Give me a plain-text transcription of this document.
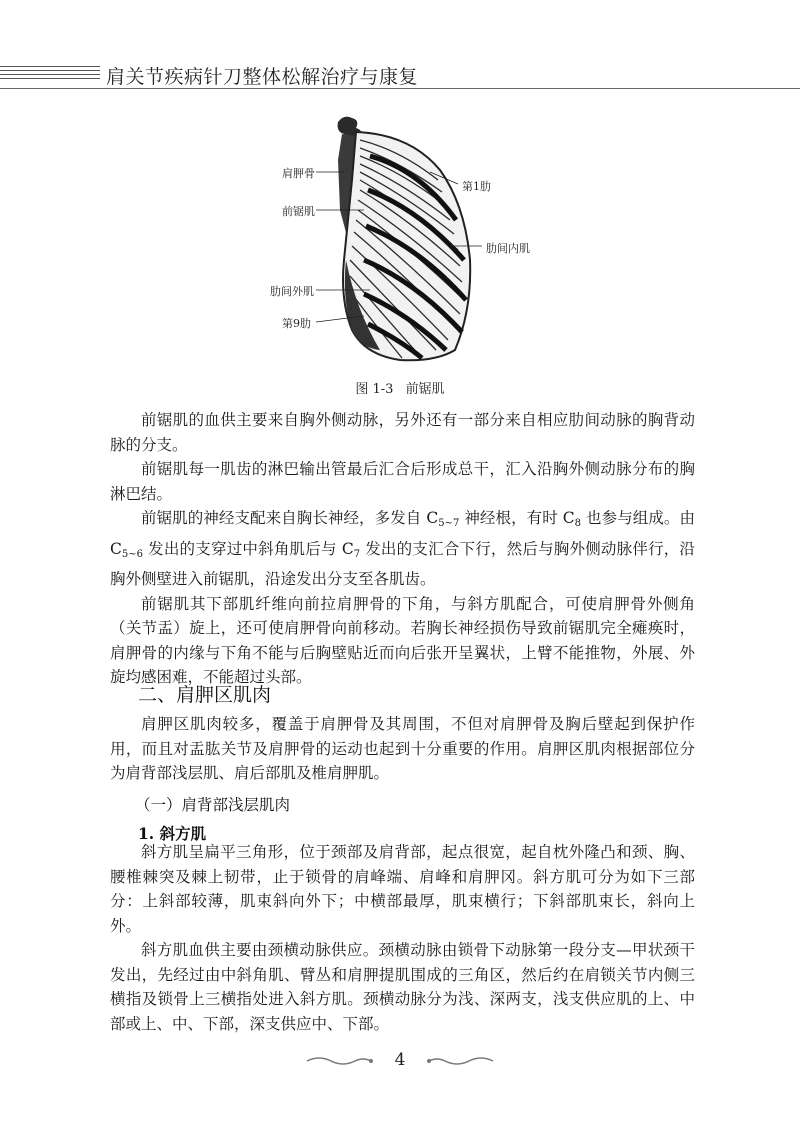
肩关节疾病针刀整体松解治疗与康复
肩胛骨
第1肋
前锯肌
肋间内肌
肋间外肌
第9肋
图 1-3 前锯肌

前锯肌的血供主要来自胸外侧动脉，另外还有一部分来自相应肋间动脉的胸背动脉的分支。

前锯肌每一肌齿的淋巴输出管最后汇合后形成总干，汇入沿胸外侧动脉分布的胸淋巴结。

前锯肌的神经支配来自胸长神经，多发自 $C_{5\sim 7}$ 神经根，有时 $C_8$ 也参与组成。由 $C_{5\sim 6}$ 发出的支穿过中斜角肌后与 $C_7$ 发出的支汇合下行，然后与胸外侧动脉伴行，沿胸外侧壁进入前锯肌，沿途发出分支至各肌齿。

前锯肌其下部肌纤维向前拉肩胛骨的下角，与斜方肌配合，可使肩胛骨外侧角（关节盂）旋上，还可使肩胛骨向前移动。若胸长神经损伤导致前锯肌完全瘫痪时，肩胛骨的内缘与下角不能与后胸壁贴近而向后张开呈翼状，上臂不能推物，外展、外旋均感困难，不能超过头部。

二、肩胛区肌肉

肩胛区肌肉较多，覆盖于肩胛骨及其周围，不但对肩胛骨及胸后壁起到保护作用，而且对盂肱关节及肩胛骨的运动也起到十分重要的作用。肩胛区肌肉根据部位分为肩背部浅层肌、肩后部肌及椎肩胛肌。

（一）肩背部浅层肌肉
1. 斜方肌

斜方肌呈扁平三角形，位于颈部及肩背部，起点很宽，起自枕外隆凸和颈、胸、腰椎棘突及棘上韧带，止于锁骨的肩峰端、肩峰和肩胛冈。斜方肌可分为如下三部分：上斜部较薄，肌束斜向外下；中横部最厚，肌束横行；下斜部肌束长，斜向上外。

斜方肌血供主要由颈横动脉供应。颈横动脉由锁骨下动脉第一段分支—甲状颈干发出，先经过由中斜角肌、臂丛和肩胛提肌围成的三角区，然后约在肩锁关节内侧三横指及锁骨上三横指处进入斜方肌。颈横动脉分为浅、深两支，浅支供应肌的上、中部或上、中、下部，深支供应中、下部。

4
